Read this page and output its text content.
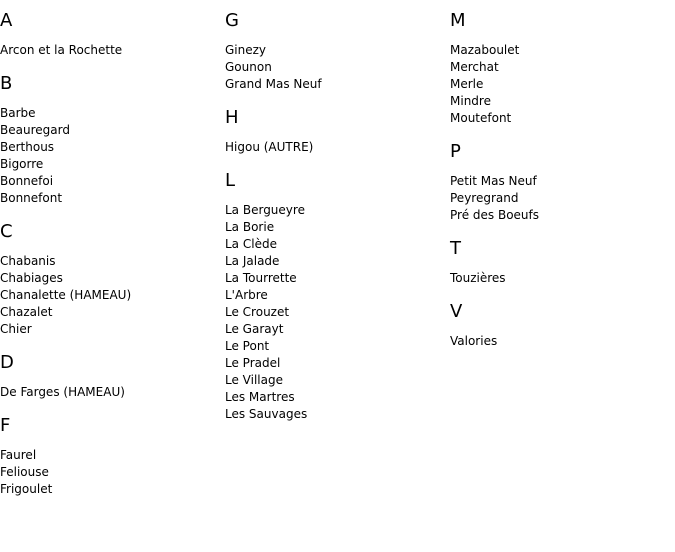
A
Arcon et la Rochette
B
Barbe
Beauregard
Berthous
Bigorre
Bonnefoi
Bonnefont
C
Chabanis
Chabiages
Chanalette (HAMEAU)
Chazalet
Chier
D
De Farges (HAMEAU)
F
Faurel
Feliouse
Frigoulet
G
Ginezy
Gounon
Grand Mas Neuf
H
Higou (AUTRE)
L
La Bergueyre
La Borie
La Clède
La Jalade
La Tourrette
L'Arbre
Le Crouzet
Le Garayt
Le Pont
Le Pradel
Le Village
Les Martres
Les Sauvages
M
Mazaboulet
Merchat
Merle
Mindre
Moutefont
P
Petit Mas Neuf
Peyregrand
Pré des Boeufs
T
Touzières
V
Valories
